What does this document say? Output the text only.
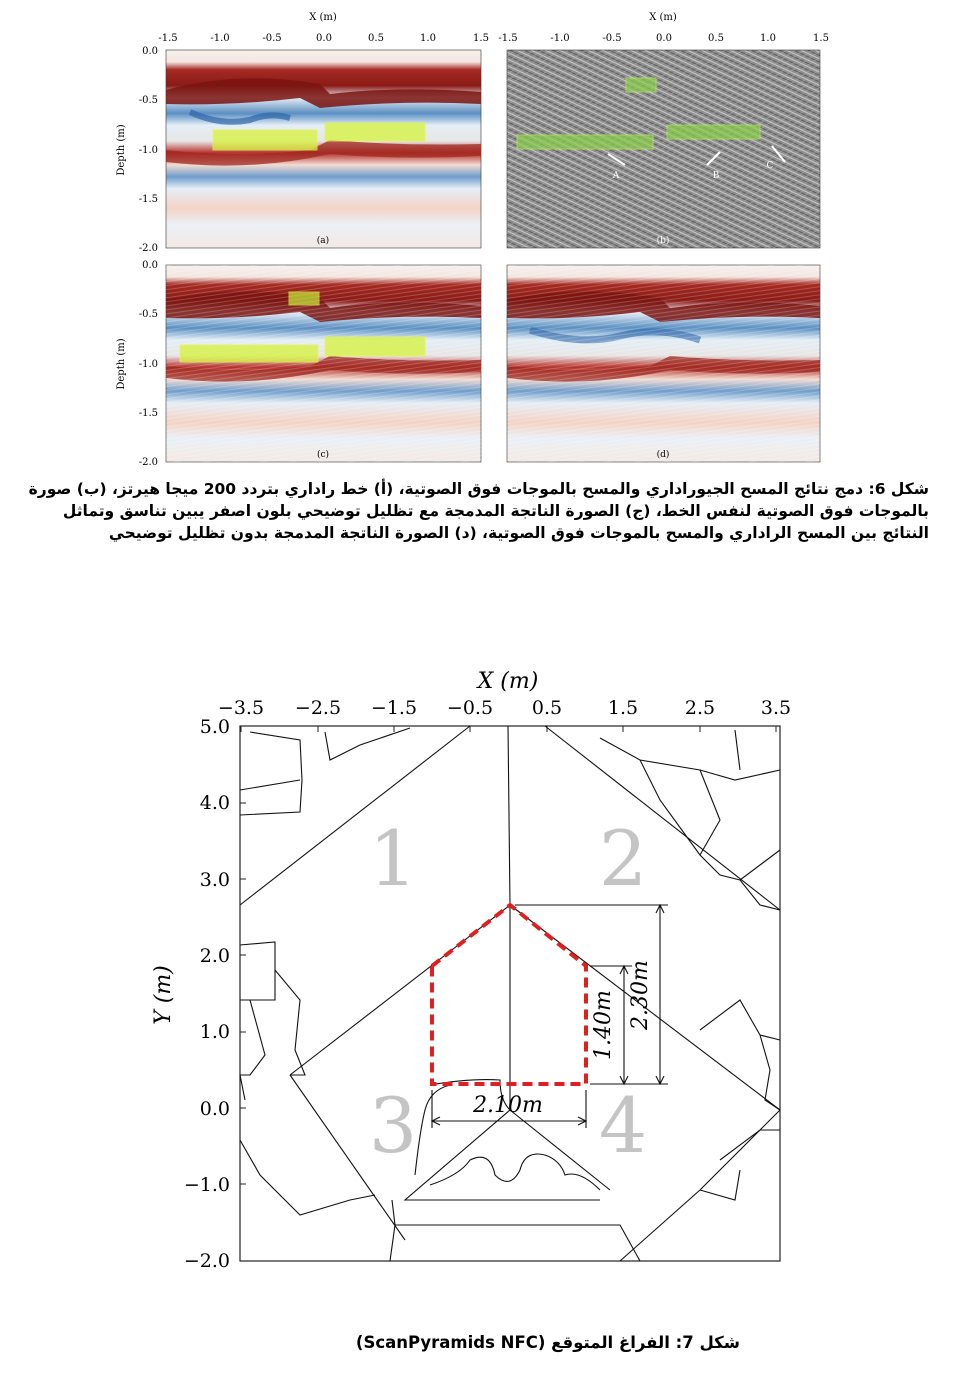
X (m)	X (m)
Depth (m)
Depth (m)
-1.5	-1.0	-0.5	0.0	0.5	1.0	1.5 -1.5	-1.0	-0.5	0.0	0.5	1.0	1.5
0.0
-0.5
-1.0
-1.5
-2.0
0.0
-0.5
-1.0
-1.5
-2.0
(a)
A	B
C
(b)
(c)	(d)
شكل 6: دمج نتائج المسح الجيوراداري والمسح بالموجات فوق الصوتية، (أ) خط راداري بتردد 200 ميجا هيرتز، (ب) صورة بالموجات فوق الصوتية لنفس الخط، (ج) الصورة الناتجة المدمجة مع تظليل توضيحي بلون اصفر يبين تناسق وتماثل النتائج بين المسح الراداري والمسح بالموجات فوق الصوتية، (د) الصورة الناتجة المدمجة بدون تظليل توضيحي
X (m)
Y (m)
−3.5 −2.5 −1.5 −0.5 0.5 1.5 2.5 3.5
5.0
4.0
3.0
2.0
1.0
0.0
−1.0
−2.0
1 2
3 4
2.10m
1.40m 2.30m
شكل 7: الفراغ المتوقع (ScanPyramids NFC)
